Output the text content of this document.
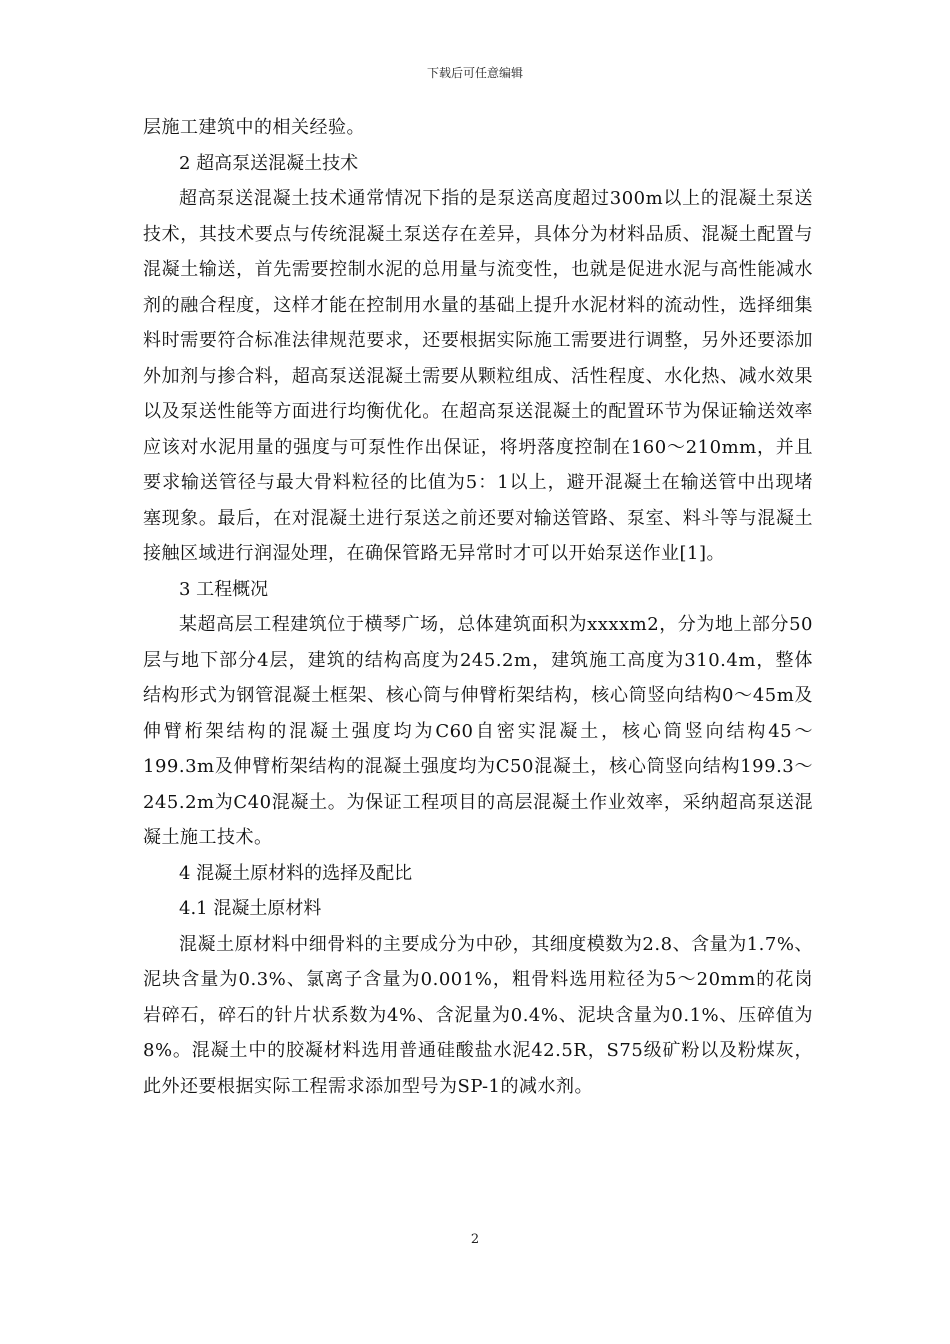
下载后可任意编辑

层施工建筑中的相关经验。

2 超高泵送混凝土技术

超高泵送混凝土技术通常情况下指的是泵送高度超过300m以上的混凝土泵送技术，其技术要点与传统混凝土泵送存在差异，具体分为材料品质、混凝土配置与混凝土输送，首先需要控制水泥的总用量与流变性，也就是促进水泥与高性能减水剂的融合程度，这样才能在控制用水量的基础上提升水泥材料的流动性，选择细集料时需要符合标准法律规范要求，还要根据实际施工需要进行调整，另外还要添加外加剂与掺合料，超高泵送混凝土需要从颗粒组成、活性程度、水化热、减水效果以及泵送性能等方面进行均衡优化。在超高泵送混凝土的配置环节为保证输送效率应该对水泥用量的强度与可泵性作出保证，将坍落度控制在160～210mm，并且要求输送管径与最大骨料粒径的比值为5：1以上，避开混凝土在输送管中出现堵塞现象。最后，在对混凝土进行泵送之前还要对输送管路、泵室、料斗等与混凝土接触区域进行润湿处理，在确保管路无异常时才可以开始泵送作业[1]。

3 工程概况

某超高层工程建筑位于横琴广场，总体建筑面积为xxxxm2，分为地上部分50层与地下部分4层，建筑的结构高度为245.2m，建筑施工高度为310.4m，整体结构形式为钢管混凝土框架、核心筒与伸臂桁架结构，核心筒竖向结构0～45m及伸臂桁架结构的混凝土强度均为C60自密实混凝土，核心筒竖向结构45～199.3m及伸臂桁架结构的混凝土强度均为C50混凝土，核心筒竖向结构199.3～245.2m为C40混凝土。为保证工程项目的高层混凝土作业效率，采纳超高泵送混凝土施工技术。

4 混凝土原材料的选择及配比

4.1 混凝土原材料

混凝土原材料中细骨料的主要成分为中砂，其细度模数为2.8、含量为1.7%、泥块含量为0.3%、氯离子含量为0.001%，粗骨料选用粒径为5～20mm的花岗岩碎石，碎石的针片状系数为4%、含泥量为0.4%、泥块含量为0.1%、压碎值为8%。混凝土中的胶凝材料选用普通硅酸盐水泥42.5R，S75级矿粉以及粉煤灰，此外还要根据实际工程需求添加型号为SP-1的减水剂。

2
